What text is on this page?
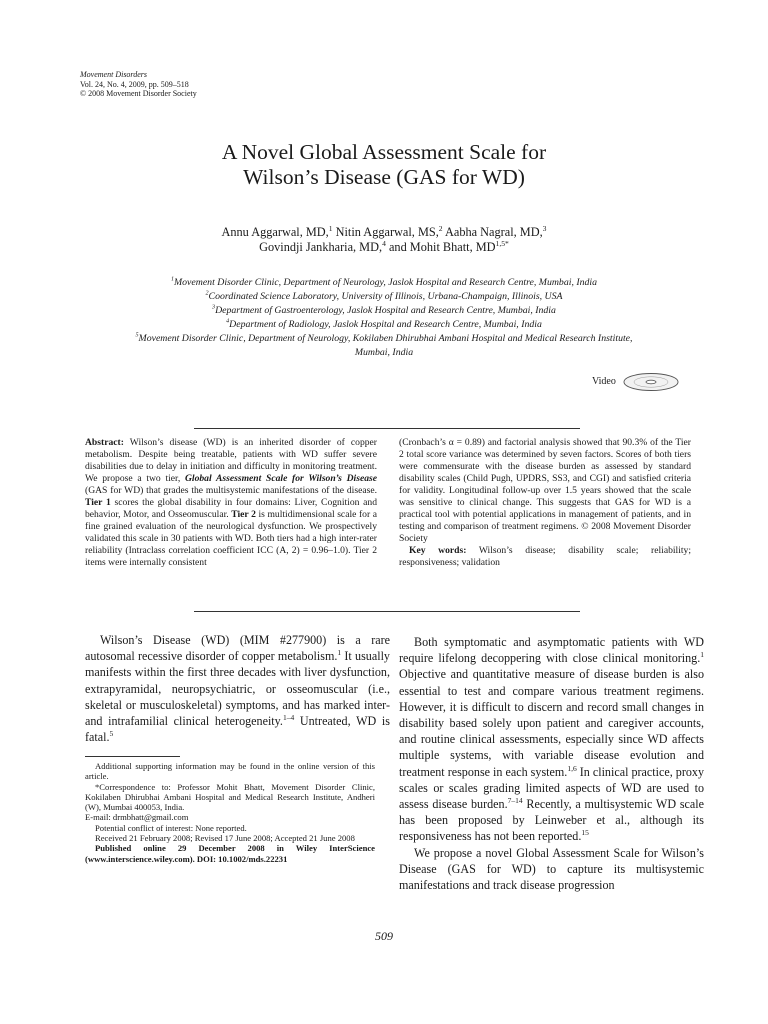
Movement Disorders
Vol. 24, No. 4, 2009, pp. 509–518
© 2008 Movement Disorder Society
A Novel Global Assessment Scale for
Wilson’s Disease (GAS for WD)
Annu Aggarwal, MD,$^1$ Nitin Aggarwal, MS,$^2$ Aabha Nagral, MD,$^3$
Govindji Jankharia, MD,$^4$ and Mohit Bhatt, $MD^{1,5*}$
$^1$Movement Disorder Clinic, Department of Neurology, Jaslok Hospital and Research Centre, Mumbai, India
$^2$Coordinated Science Laboratory, University of Illinois, Urbana-Champaign, Illinois, USA
$^3$Department of Gastroenterology, Jaslok Hospital and Research Centre, Mumbai, India
$^4$Department of Radiology, Jaslok Hospital and Research Centre, Mumbai, India
$^5$Movement Disorder Clinic, Department of Neurology, Kokilaben Dhirubhai Ambani Hospital and Medical Research Institute,
Mumbai, India
Video
Abstract: Wilson’s disease (WD) is an inherited disorder of copper metabolism. Despite being treatable, patients with WD suffer severe disabilities due to delay in initiation and difficulty in monitoring treatment. We propose a two tier, Global Assessment Scale for Wilson’s Disease (GAS for WD) that grades the multisystemic manifestations of the disease. Tier 1 scores the global disability in four domains: Liver, Cognition and behavior, Motor, and Osseomuscular. Tier 2 is multidimensional scale for a fine grained evaluation of the neurological dysfunction. We prospectively validated this scale in 30 patients with WD. Both tiers had a high inter-rater reliability (Intraclass correlation coefficient ICC (A, 2) = 0.96–1.0). Tier 2 items were internally consistent
(Cronbach’s α = 0.89) and factorial analysis showed that 90.3% of the Tier 2 total score variance was determined by seven factors. Scores of both tiers were commensurate with the disease burden as assessed by standard disability scales (Child Pugh, UPDRS, SS3, and CGI) and satisfied criteria for validity. Longitudinal follow-up over 1.5 years showed that the scale was sensitive to clinical change. This suggests that GAS for WD is a practical tool with potential applications in management of patients, and in testing and comparison of treatment regimens. © 2008 Movement Disorder Society
Key words: Wilson’s disease; disability scale; reliability; responsiveness; validation

Wilson’s Disease (WD) (MIM #277900) is a rare autosomal recessive disorder of copper metabolism.$^1$ It usually manifests within the first three decades with liver dysfunction, extrapyramidal, neuropsychiatric, or osseomuscular (i.e., skeletal or musculoskeletal) symptoms, and has marked inter- and intrafamilial clinical heterogeneity.$^{1-4}$ Untreated, WD is fatal.$^5$

Additional supporting information may be found in the online version of this article.

*Correspondence to: Professor Mohit Bhatt, Movement Disorder Clinic, Kokilaben Dhirubhai Ambani Hospital and Medical Research Institute, Andheri (W), Mumbai 400053, India.

E-mail: drmbhatt@gmail.com

Potential conflict of interest: None reported.

Received 21 February 2008; Revised 17 June 2008; Accepted 21 June 2008

Published online 29 December 2008 in Wiley InterScience (www.interscience.wiley.com). DOI: 10.1002/mds.22231

Both symptomatic and asymptomatic patients with WD require lifelong decoppering with close clinical monitoring.$^1$ Objective and quantitative measure of disease burden is also essential to test and compare various treatment regimens. However, it is difficult to discern and record small changes in disability based solely upon patient and caregiver accounts, and routine clinical assessments, especially since WD affects multiple systems, with variable disease evolution and treatment response in each system.$^{1,6}$ In clinical practice, proxy scales or scales grading limited aspects of WD are used to assess disease burden.$^{7-14}$ Recently, a multisystemic WD scale has been proposed by Leinweber et al., although its responsiveness has not been reported.$^{15}$

We propose a novel Global Assessment Scale for Wilson’s Disease (GAS for WD) to capture its multisystemic manifestations and track disease progression

509
